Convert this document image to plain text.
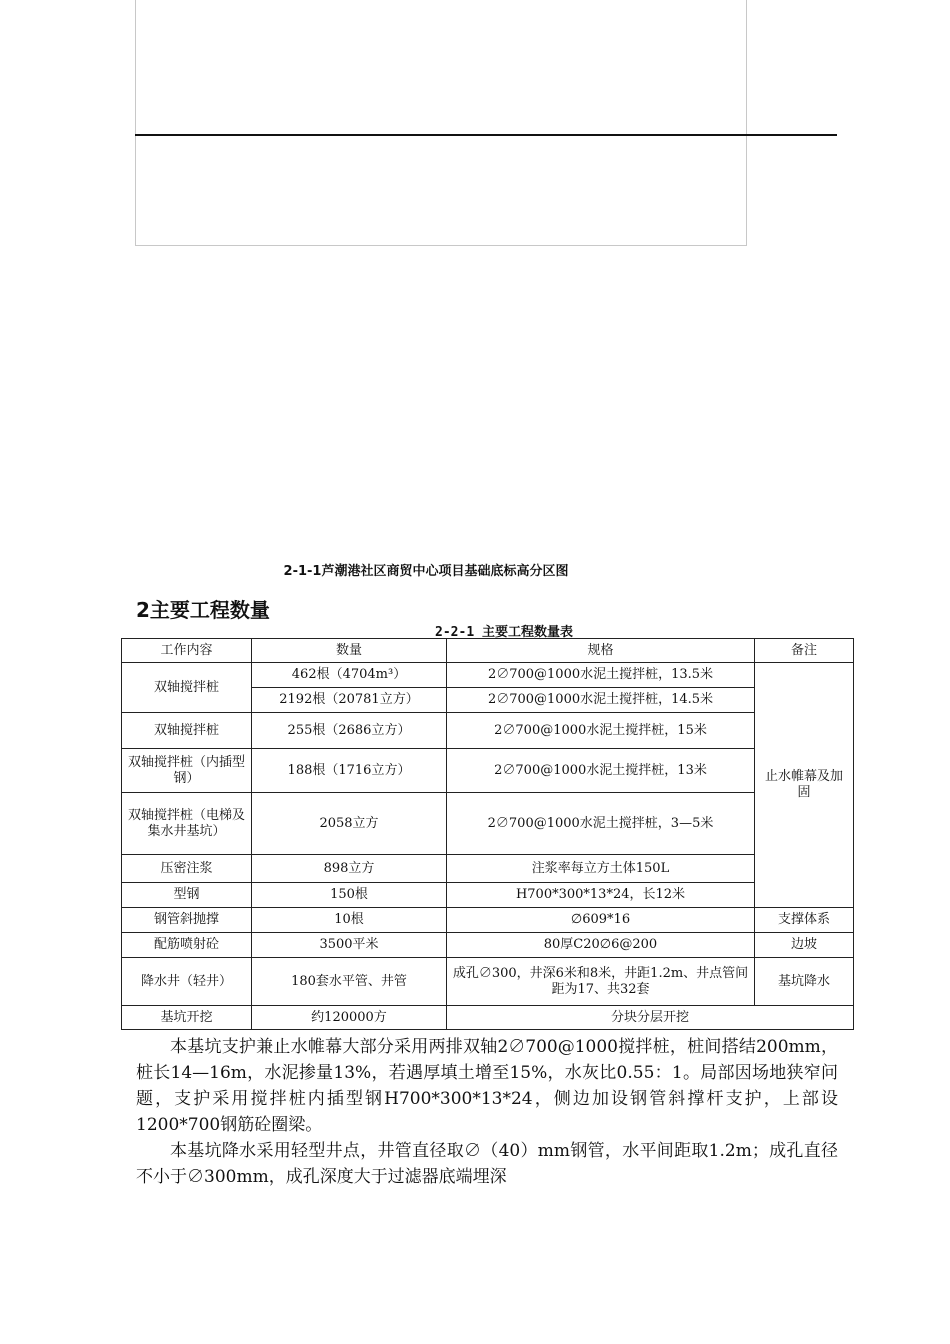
2-1-1芦潮港社区商贸中心项目基础底标高分区图
2主要工程数量
2-2-1 主要工程数量表
工作内容	数量	规格	备注
双轴搅拌桩	462根（4704m³）	2∅700@1000水泥土搅拌桩，13.5米	止水帷幕及加固
	2192根（20781立方）	2∅700@1000水泥土搅拌桩，14.5米	
双轴搅拌桩	255根（2686立方）	2∅700@1000水泥土搅拌桩，15米	
双轴搅拌桩（内插型钢）	188根（1716立方）	2∅700@1000水泥土搅拌桩，13米	
双轴搅拌桩（电梯及集水井基坑）	2058立方	2∅700@1000水泥土搅拌桩，3—5米	
压密注浆	898立方	注浆率每立方土体150L	
型钢	150根	H700*300*13*24，长12米	
钢管斜抛撑	10根	∅609*16	支撑体系
配筋喷射砼	3500平米	80厚C20∅6@200	边坡
降水井（轻井）	180套水平管、井管	成孔∅300，井深6米和8米，井距1.2m、井点管间距为17、共32套	基坑降水
基坑开挖	约120000方	分块分层开挖	

本基坑支护兼止水帷幕大部分采用两排双轴2∅700@1000搅拌桩，桩间搭结200mm，桩长14—16m，水泥掺量13%，若遇厚填土增至15%，水灰比0.55：1。局部因场地狭窄问题，支护采用搅拌桩内插型钢H700*300*13*24，侧边加设钢管斜撑杆支护，上部设1200*700钢筋砼圈梁。

本基坑降水采用轻型井点，井管直径取∅（40）mm钢管，水平间距取1.2m；成孔直径不小于∅300mm，成孔深度大于过滤器底端埋深
